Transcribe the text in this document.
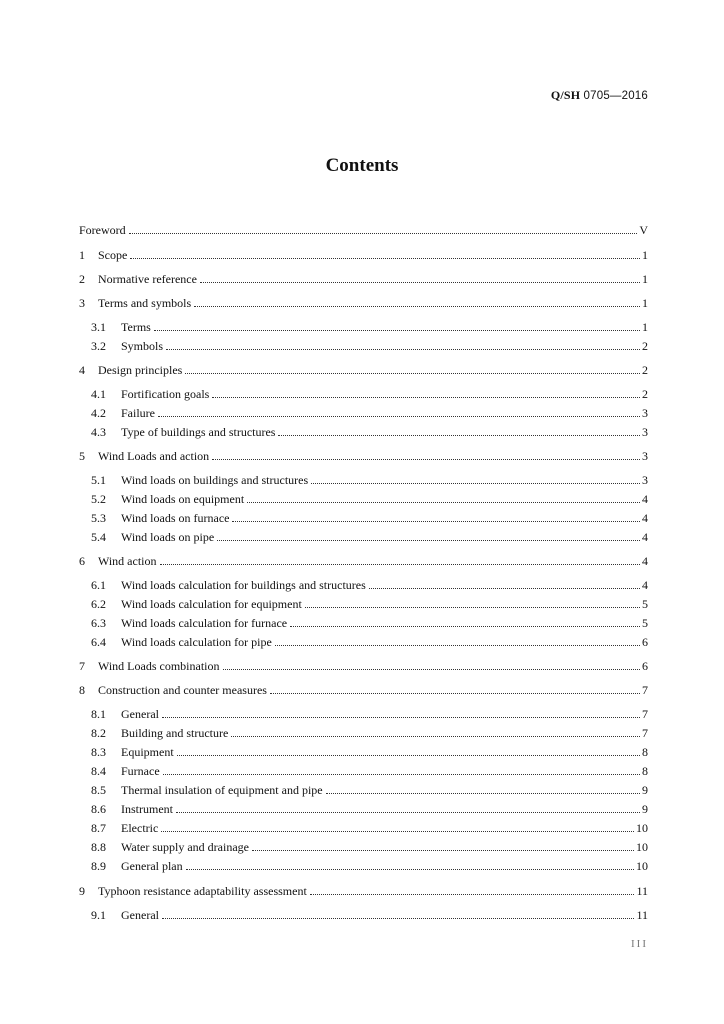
Q/SH 0705—2016
Contents
Foreword	V
1	Scope	1
2	Normative reference	1
3	Terms and symbols	1
3.1	Terms	1
3.2	Symbols	2
4	Design principles	2
4.1	Fortification goals	2
4.2	Failure	3
4.3	Type of buildings and structures	3
5	Wind Loads and action	3
5.1	Wind loads on buildings and structures	3
5.2	Wind loads on equipment	4
5.3	Wind loads on furnace	4
5.4	Wind loads on pipe	4
6	Wind action	4
6.1	Wind loads calculation for buildings and structures	4
6.2	Wind loads calculation for equipment	5
6.3	Wind loads calculation for furnace	5
6.4	Wind loads calculation for pipe	6
7	Wind Loads combination	6
8	Construction and counter measures	7
8.1	General	7
8.2	Building and structure	7
8.3	Equipment	8
8.4	Furnace	8
8.5	Thermal insulation of equipment and pipe	9
8.6	Instrument	9
8.7	Electric	10
8.8	Water supply and drainage	10
8.9	General plan	10
9	Typhoon resistance adaptability assessment	11
9.1	General	11
III
